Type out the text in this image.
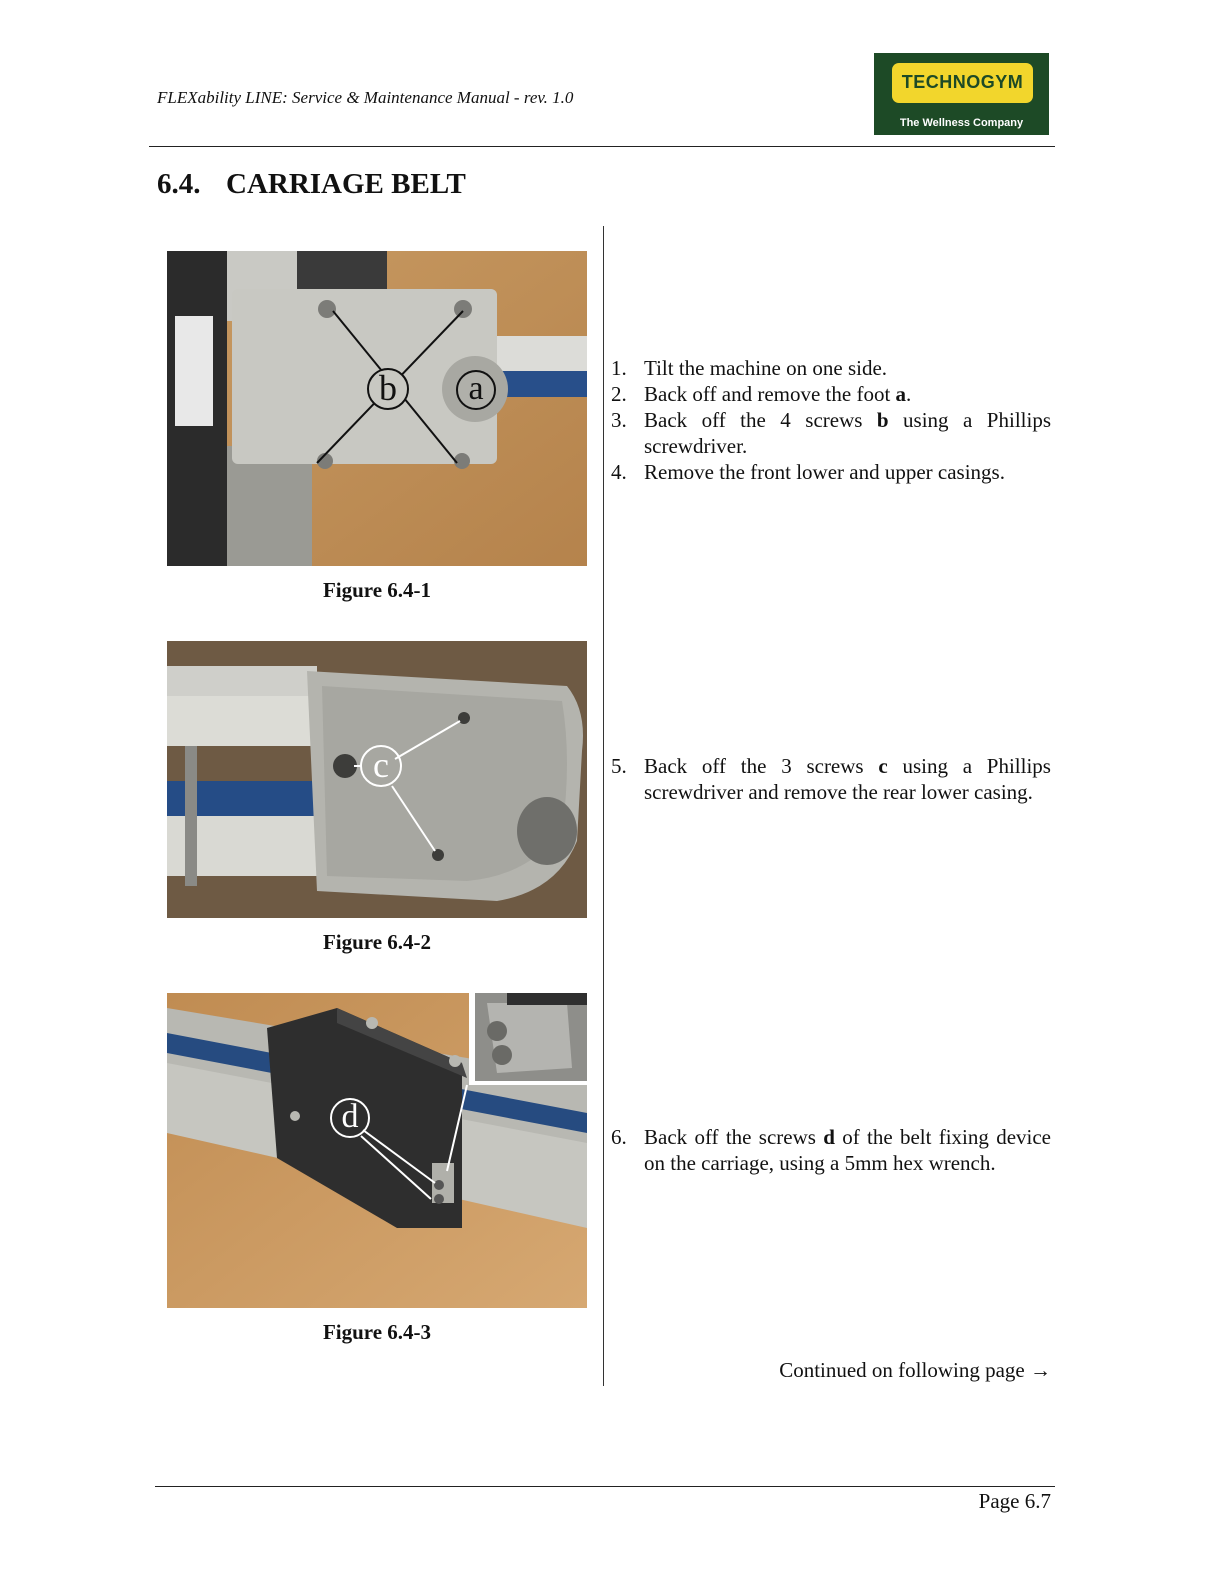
FLEXability LINE: Service & Maintenance Manual - rev. 1.0
TECHNOGYM
The Wellness Company
6.4. CARRIAGE BELT
b	a
Figure 6.4-1
c
Figure 6.4-2
d
Figure 6.4-3
1. Tilt the machine on one side.
2. Back off and remove the foot a.
3. Back off the 4 screws b using a Phillips screwdriver.
4. Remove the front lower and upper casings.
5. Back off the 3 screws c using a Phillips screwdriver and remove the rear lower casing.
6. Back off the screws d of the belt fixing device on the carriage, using a 5mm hex wrench.
Continued on following page →
Page 6.7
